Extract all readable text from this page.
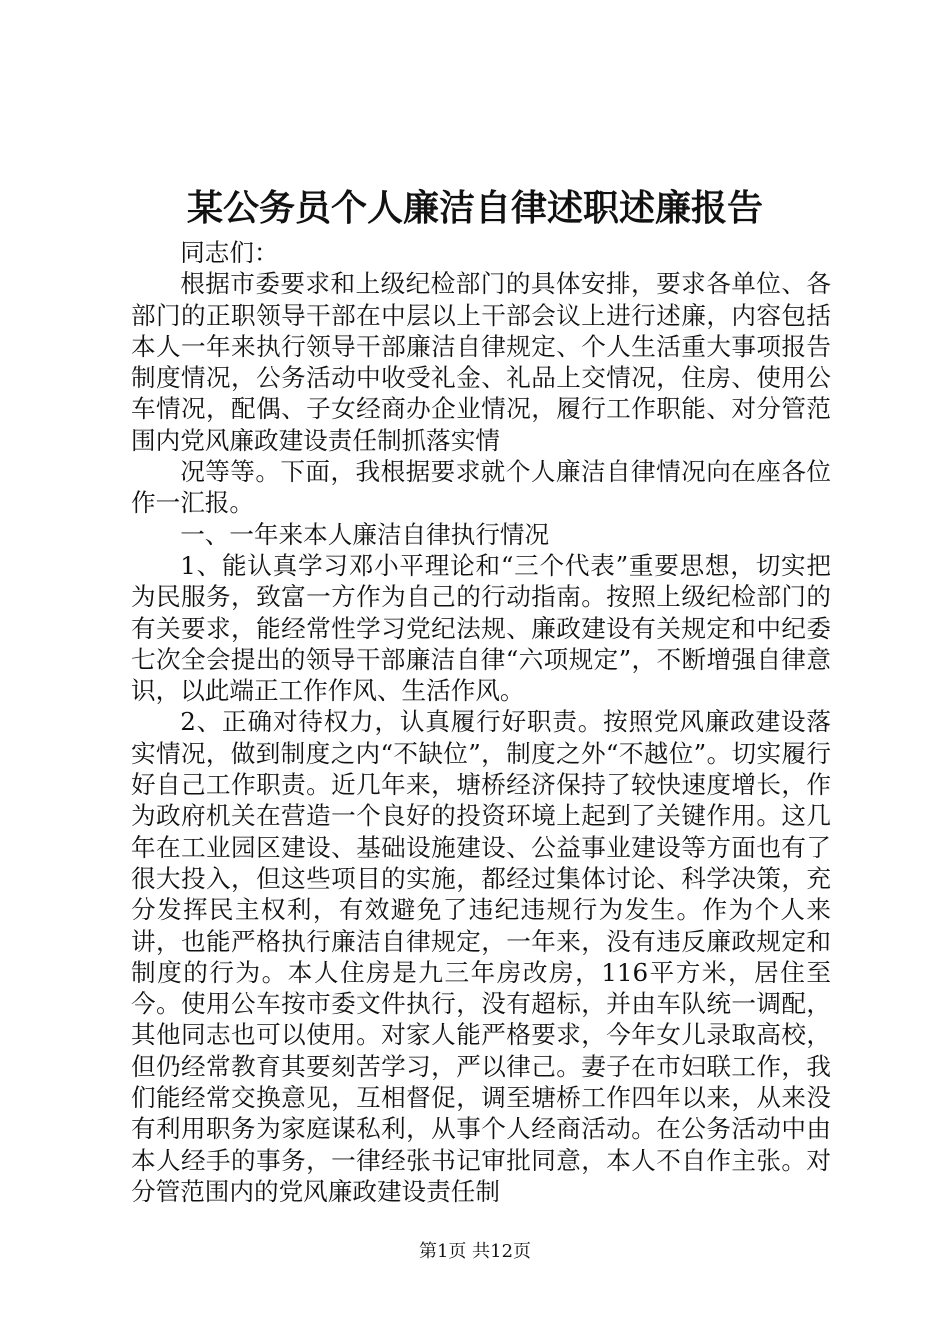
某公务员个人廉洁自律述职述廉报告

同志们：

根据市委要求和上级纪检部门的具体安排，要求各单位、各部门的正职领导干部在中层以上干部会议上进行述廉，内容包括本人一年来执行领导干部廉洁自律规定、个人生活重大事项报告制度情况，公务活动中收受礼金、礼品上交情况，住房、使用公车情况，配偶、子女经商办企业情况，履行工作职能、对分管范围内党风廉政建设责任制抓落实情

况等等。下面，我根据要求就个人廉洁自律情况向在座各位作一汇报。

一、一年来本人廉洁自律执行情况

1、能认真学习邓小平理论和“三个代表”重要思想，切实把为民服务，致富一方作为自己的行动指南。按照上级纪检部门的有关要求，能经常性学习党纪法规、廉政建设有关规定和中纪委七次全会提出的领导干部廉洁自律“六项规定”，不断增强自律意识，以此端正工作作风、生活作风。

2、正确对待权力，认真履行好职责。按照党风廉政建设落实情况，做到制度之内“不缺位”，制度之外“不越位”。切实履行好自己工作职责。近几年来，塘桥经济保持了较快速度增长，作为政府机关在营造一个良好的投资环境上起到了关键作用。这几年在工业园区建设、基础设施建设、公益事业建设等方面也有了很大投入，但这些项目的实施，都经过集体讨论、科学决策，充分发挥民主权利，有效避免了违纪违规行为发生。作为个人来讲，也能严格执行廉洁自律规定，一年来，没有违反廉政规定和制度的行为。本人住房是九三年房改房，116平方米，居住至今。使用公车按市委文件执行，没有超标，并由车队统一调配，其他同志也可以使用。对家人能严格要求，今年女儿录取高校，但仍经常教育其要刻苦学习，严以律己。妻子在市妇联工作，我们能经常交换意见，互相督促，调至塘桥工作四年以来，从来没有利用职务为家庭谋私利，从事个人经商活动。在公务活动中由本人经手的事务，一律经张书记审批同意，本人不自作主张。对分管范围内的党风廉政建设责任制

第1页 共12页
